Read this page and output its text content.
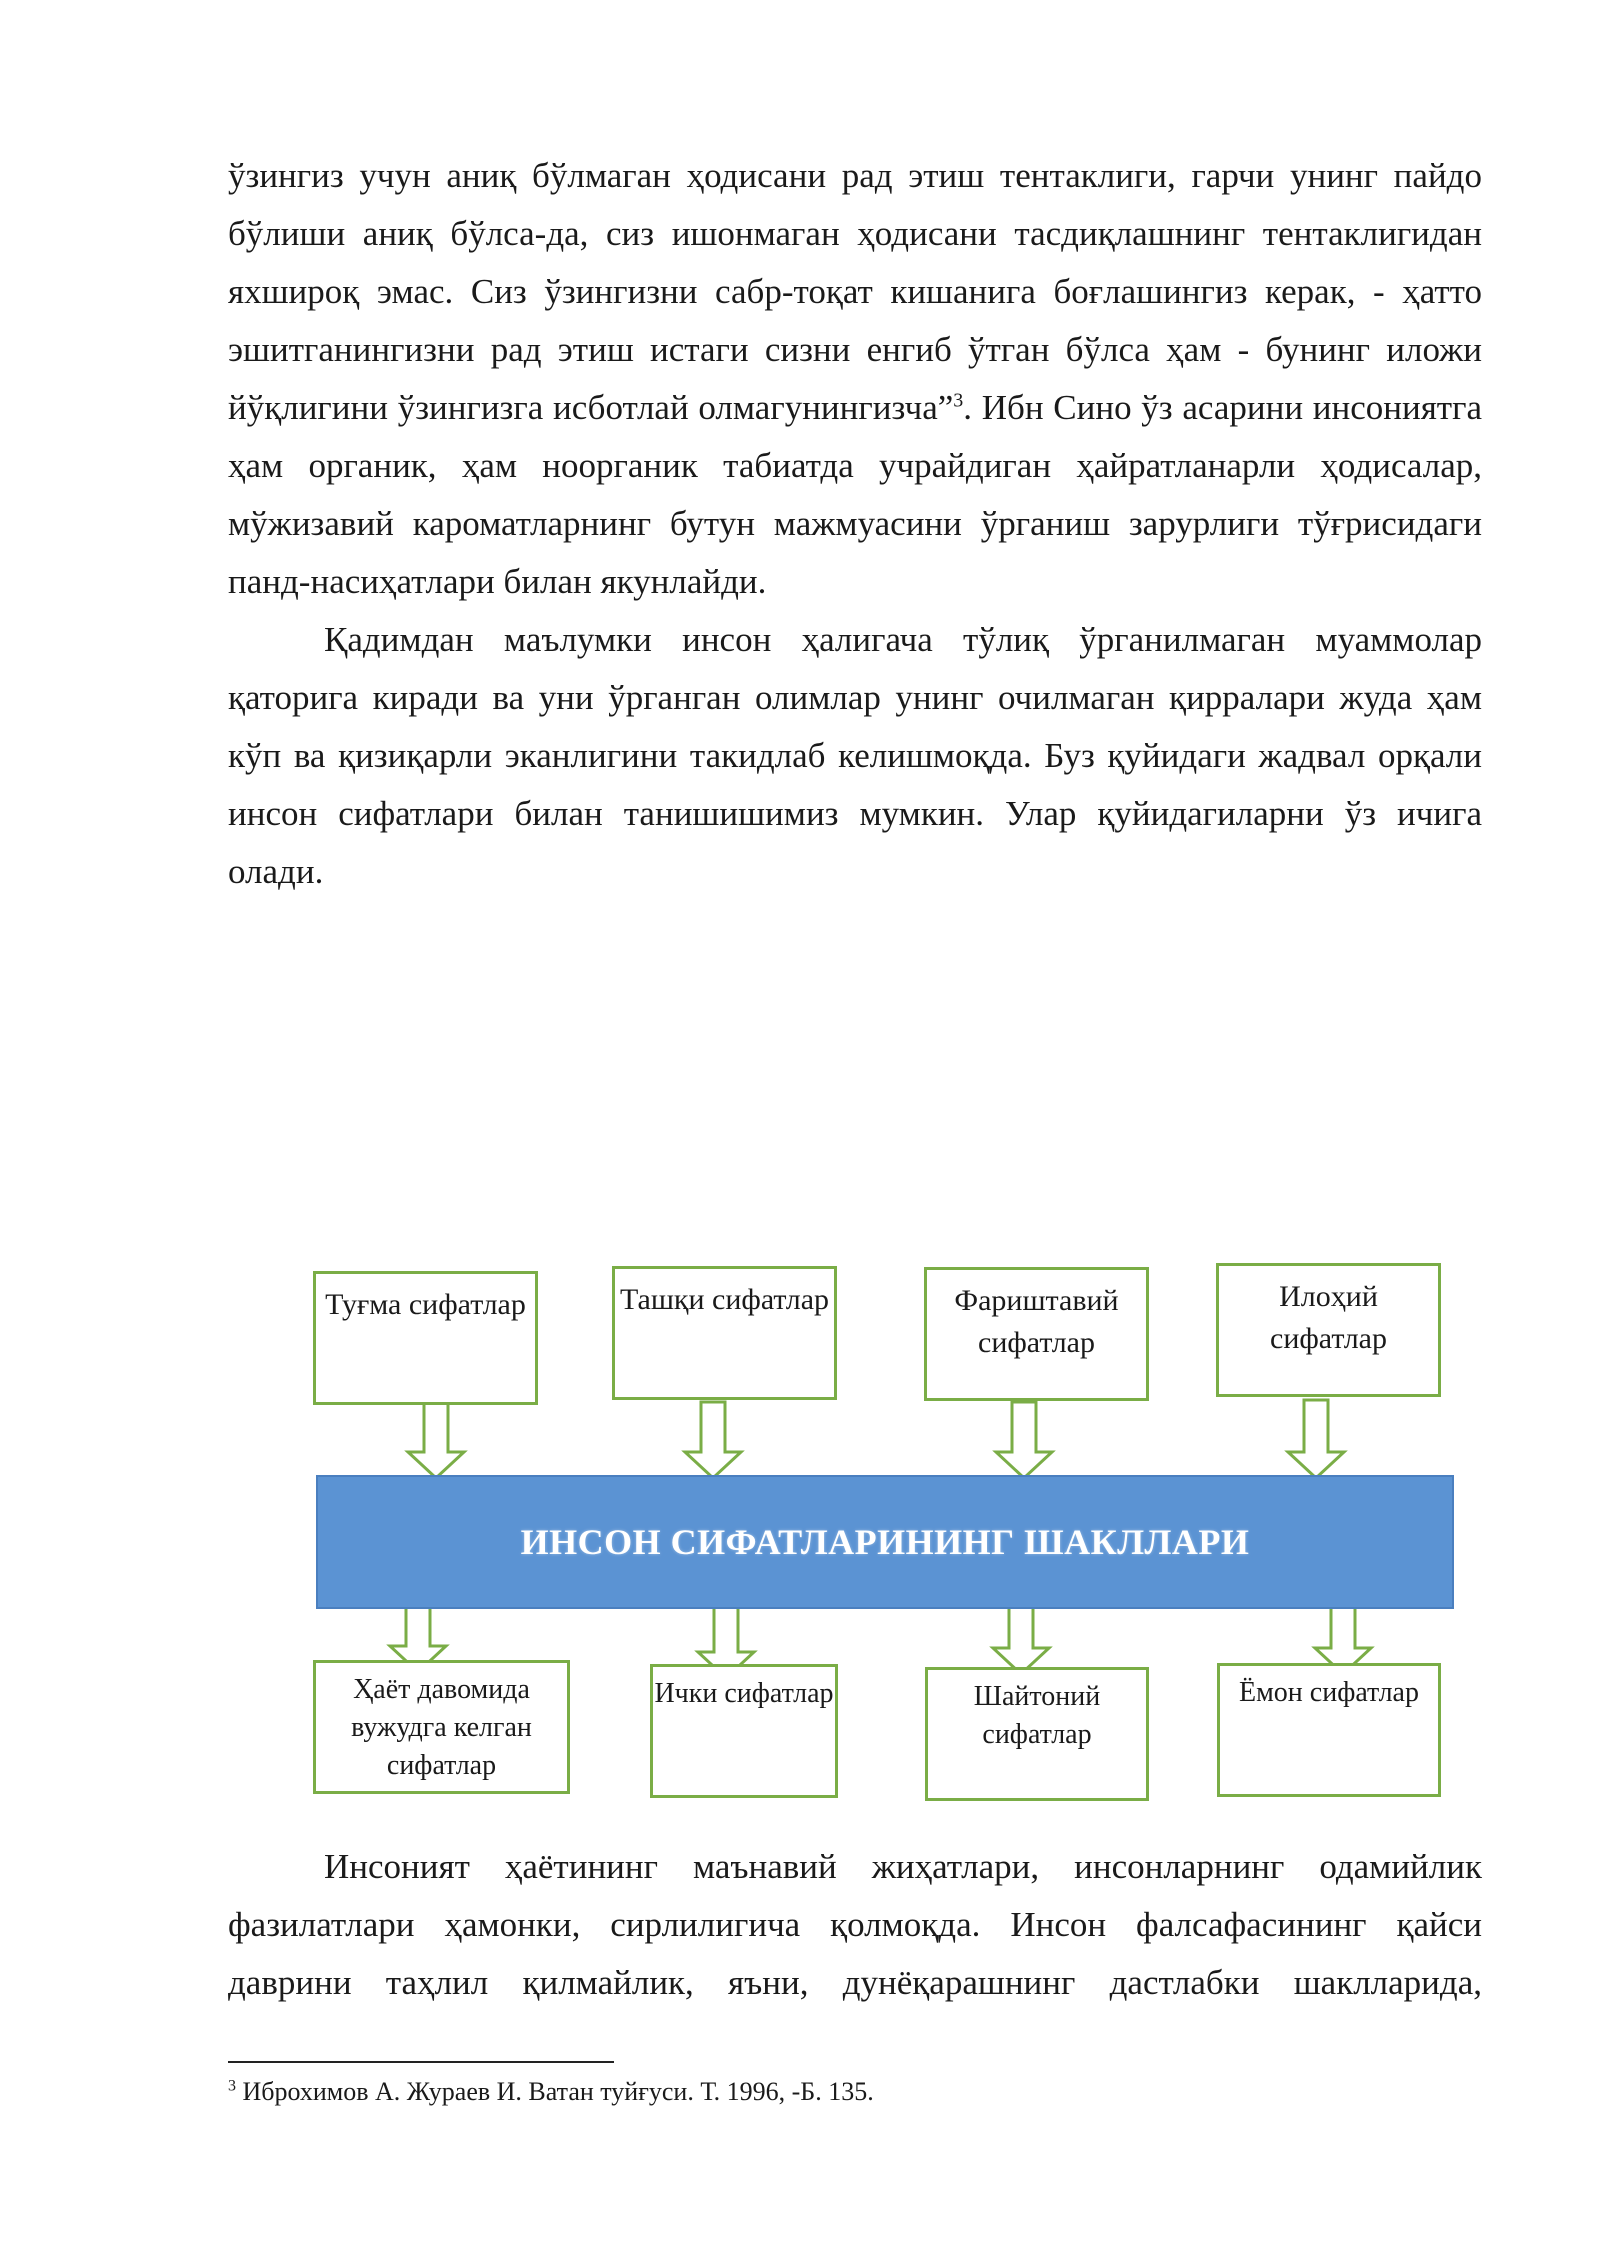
ўзингиз учун аниқ бўлмаган ҳодисани рад этиш тентаклиги, гарчи унинг пайдо бўлиши аниқ бўлса-да, сиз ишонмаган ҳодисани тасдиқлашнинг тентаклигидан яхшироқ эмас. Сиз ўзингизни сабр-тоқат кишанига боғлашингиз керак, - ҳатто эшитганингизни рад этиш истаги сизни енгиб ўтган бўлса ҳам - бунинг иложи йўқлигини ўзингизга исботлай олмагунингизча”$^3$. Ибн Сино ўз асарини инсониятга ҳам органик, ҳам ноорганик табиатда учрайдиган ҳайратланарли ҳодисалар, мўжизавий кароматларнинг бутун мажмуасини ўрганиш зарурлиги тўғрисидаги панд-насиҳатлари билан якунлайди.

Қадимдан маълумки инсон ҳалигача тўлиқ ўрганилмаган муаммолар қаторига киради ва уни ўрганган олимлар унинг очилмаган қирралари жуда ҳам кўп ва қизиқарли эканлигини такидлаб келишмоқда. Буз қуйидаги жадвал орқали инсон сифатлари билан танишишимиз мумкин. Улар қуйидагиларни ўз ичига олади.

Туғма сифатлар	Ташқи сифатлар	Фариштавий сифатлар
Илоҳий сифатлар
ИНСОН СИФАТЛАРИНИНГ ШАКЛЛАРИ
Ҳаёт давомида вужудга келган сифатлар
Ички сифатлар	Шайтоний сифатлар
Ёмон сифатлар

Инсоният ҳаётининг маънавий жиҳатлари, инсонларнинг одамийлик фазилатлари ҳамонки, сирлилигича қолмоқда. Инсон фалсафасининг қайси даврини таҳлил қилмайлик, яъни, дунёқарашнинг дастлабки шаклларида,

$^3$ Иброхимов А. Жураев И. Ватан туйғуси. Т. 1996, -Б. 135.
